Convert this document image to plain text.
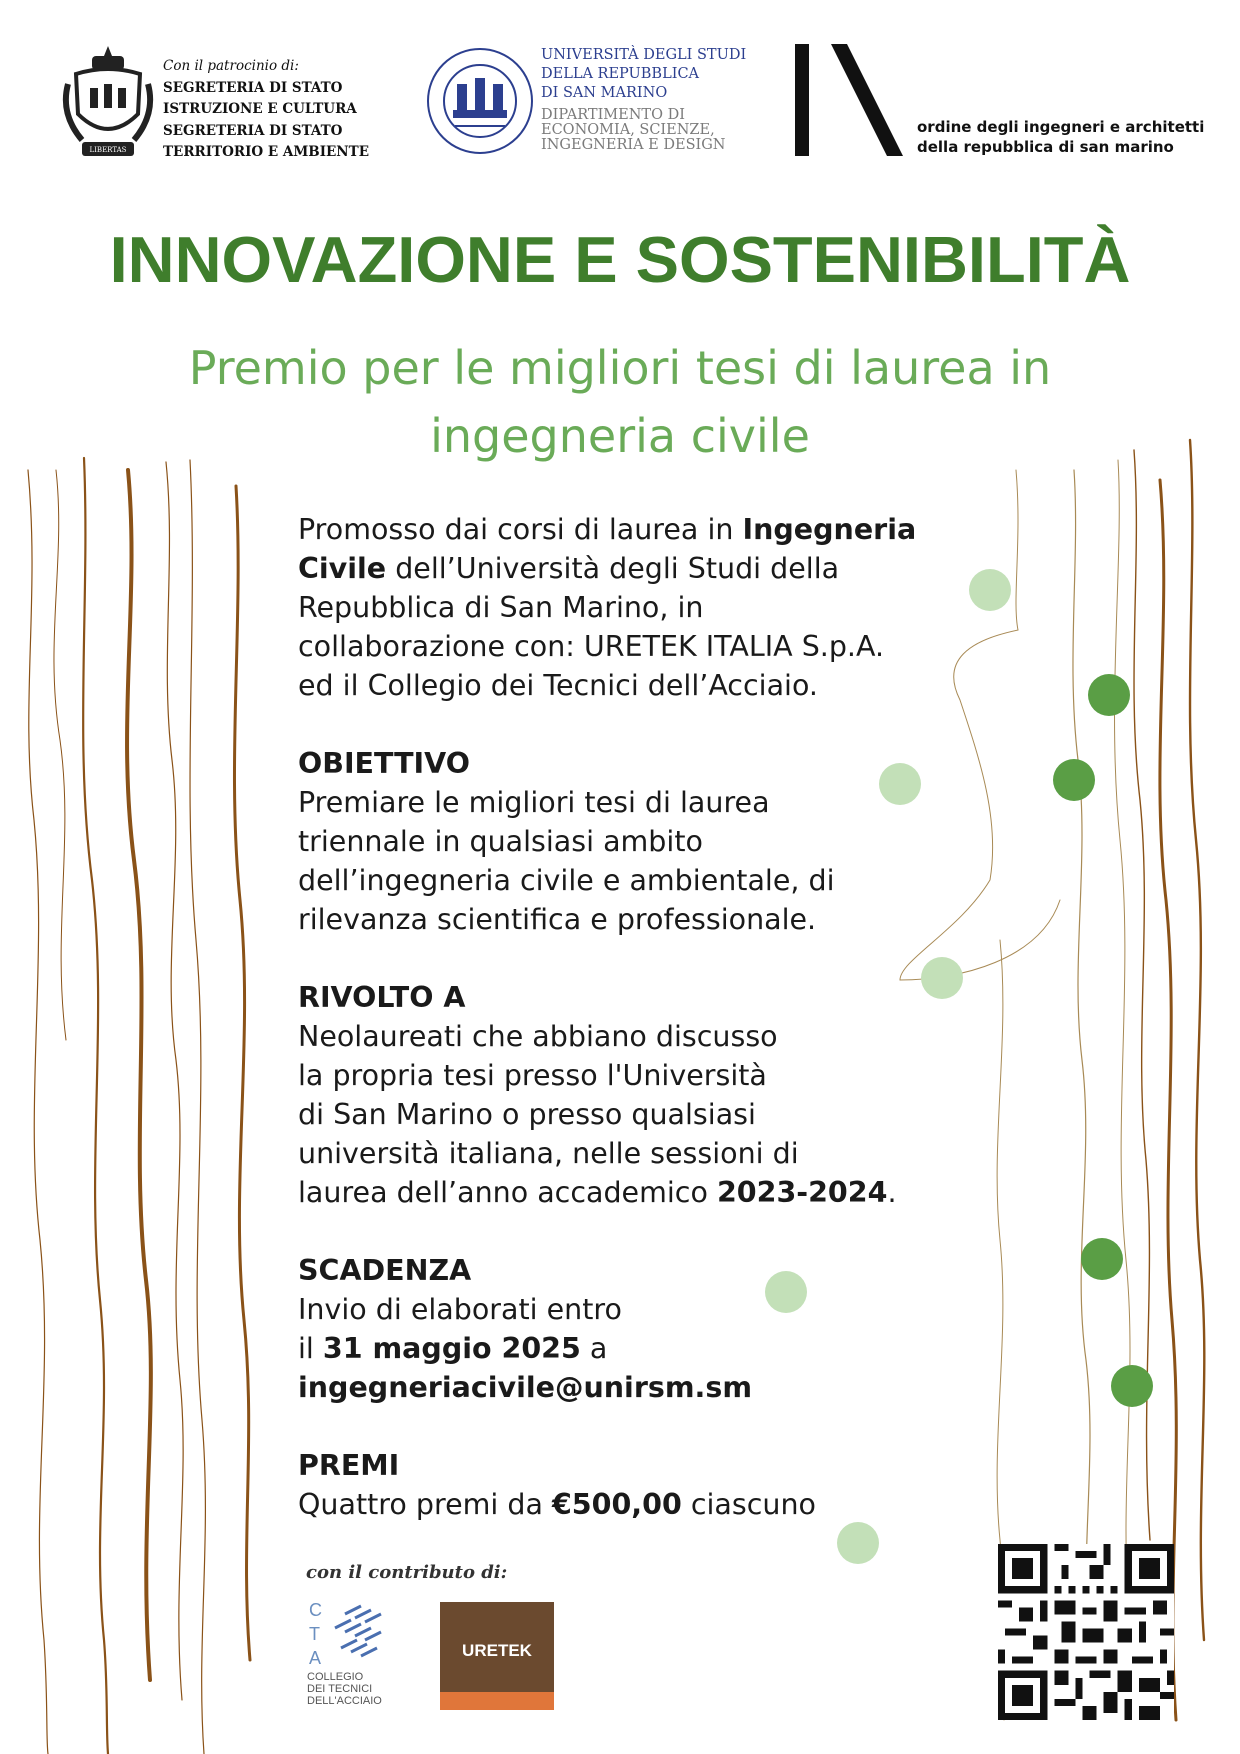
LIBERTAS
Con il patrocinio di:
SEGRETERIA DI STATO
ISTRUZIONE E CULTURA
SEGRETERIA DI STATO
TERRITORIO E AMBIENTE
UNIVERSITÀ DEGLI STUDI
DELLA REPUBBLICA
DI SAN MARINO
DIPARTIMENTO DI
ECONOMIA, SCIENZE,
INGEGNERIA E DESIGN
ordine degli ingegneri e architetti
della repubblica di san marino
INNOVAZIONE E SOSTENIBILITÀ
Premio per le migliori tesi di laurea in
ingegneria civile
Promosso dai corsi di laurea in Ingegneria
Civile dell’Università degli Studi della
Repubblica di San Marino, in
collaborazione con: URETEK ITALIA S.p.A.
ed il Collegio dei Tecnici dell’Acciaio.
OBIETTIVO
Premiare le migliori tesi di laurea
triennale in qualsiasi ambito
dell’ingegneria civile e ambientale, di
rilevanza scientifica e professionale.
RIVOLTO A
Neolaureati che abbiano discusso
la propria tesi presso l'Università
di San Marino o presso qualsiasi
università italiana, nelle sessioni di
laurea dell’anno accademico 2023-2024.
SCADENZA
Invio di elaborati entro
il 31 maggio 2025 a
ingegneriacivile@unirsm.sm
PREMI
Quattro premi da €500,00 ciascuno
con il contributo di:
C
T
A
COLLEGIO
DEI TECNICI
DELL'ACCIAIO
URETEK
